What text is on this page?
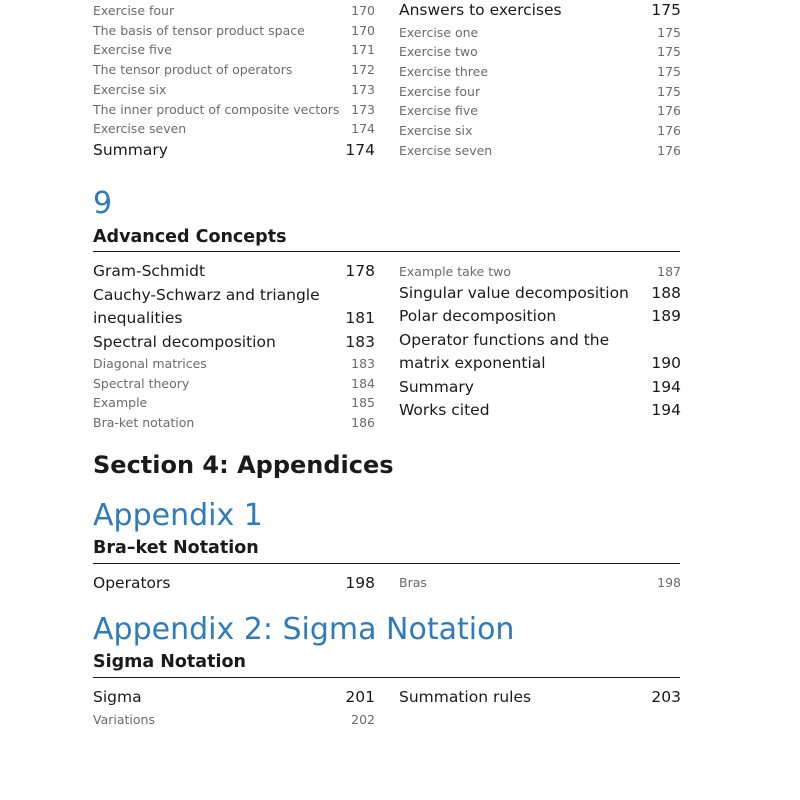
Exercise four	170
The basis of tensor product space	170
Exercise five	171
The tensor product of operators	172
Exercise six	173
The inner product of composite vectors 173
Exercise seven	174
Summary	174
Answers to exercises	175
Exercise one	175
Exercise two	175
Exercise three	175
Exercise four	175
Exercise five	176
Exercise six	176
Exercise seven	176
9
Advanced Concepts
Gram-Schmidt	178
Cauchy-Schwarz and triangle inequalities	181
Spectral decomposition	183
Diagonal matrices	183
Spectral theory	184
Example	185
Bra-ket notation	186
Example take two	187
Singular value decomposition	188
Polar decomposition	189
Operator functions and the matrix exponential	190
Summary	194
Works cited	194
Section 4: Appendices
Appendix 1
Bra–ket Notation
Operators	198 Bras	198
Appendix 2: Sigma Notation
Sigma Notation
Sigma	201
Variations	202
Summation rules	203
